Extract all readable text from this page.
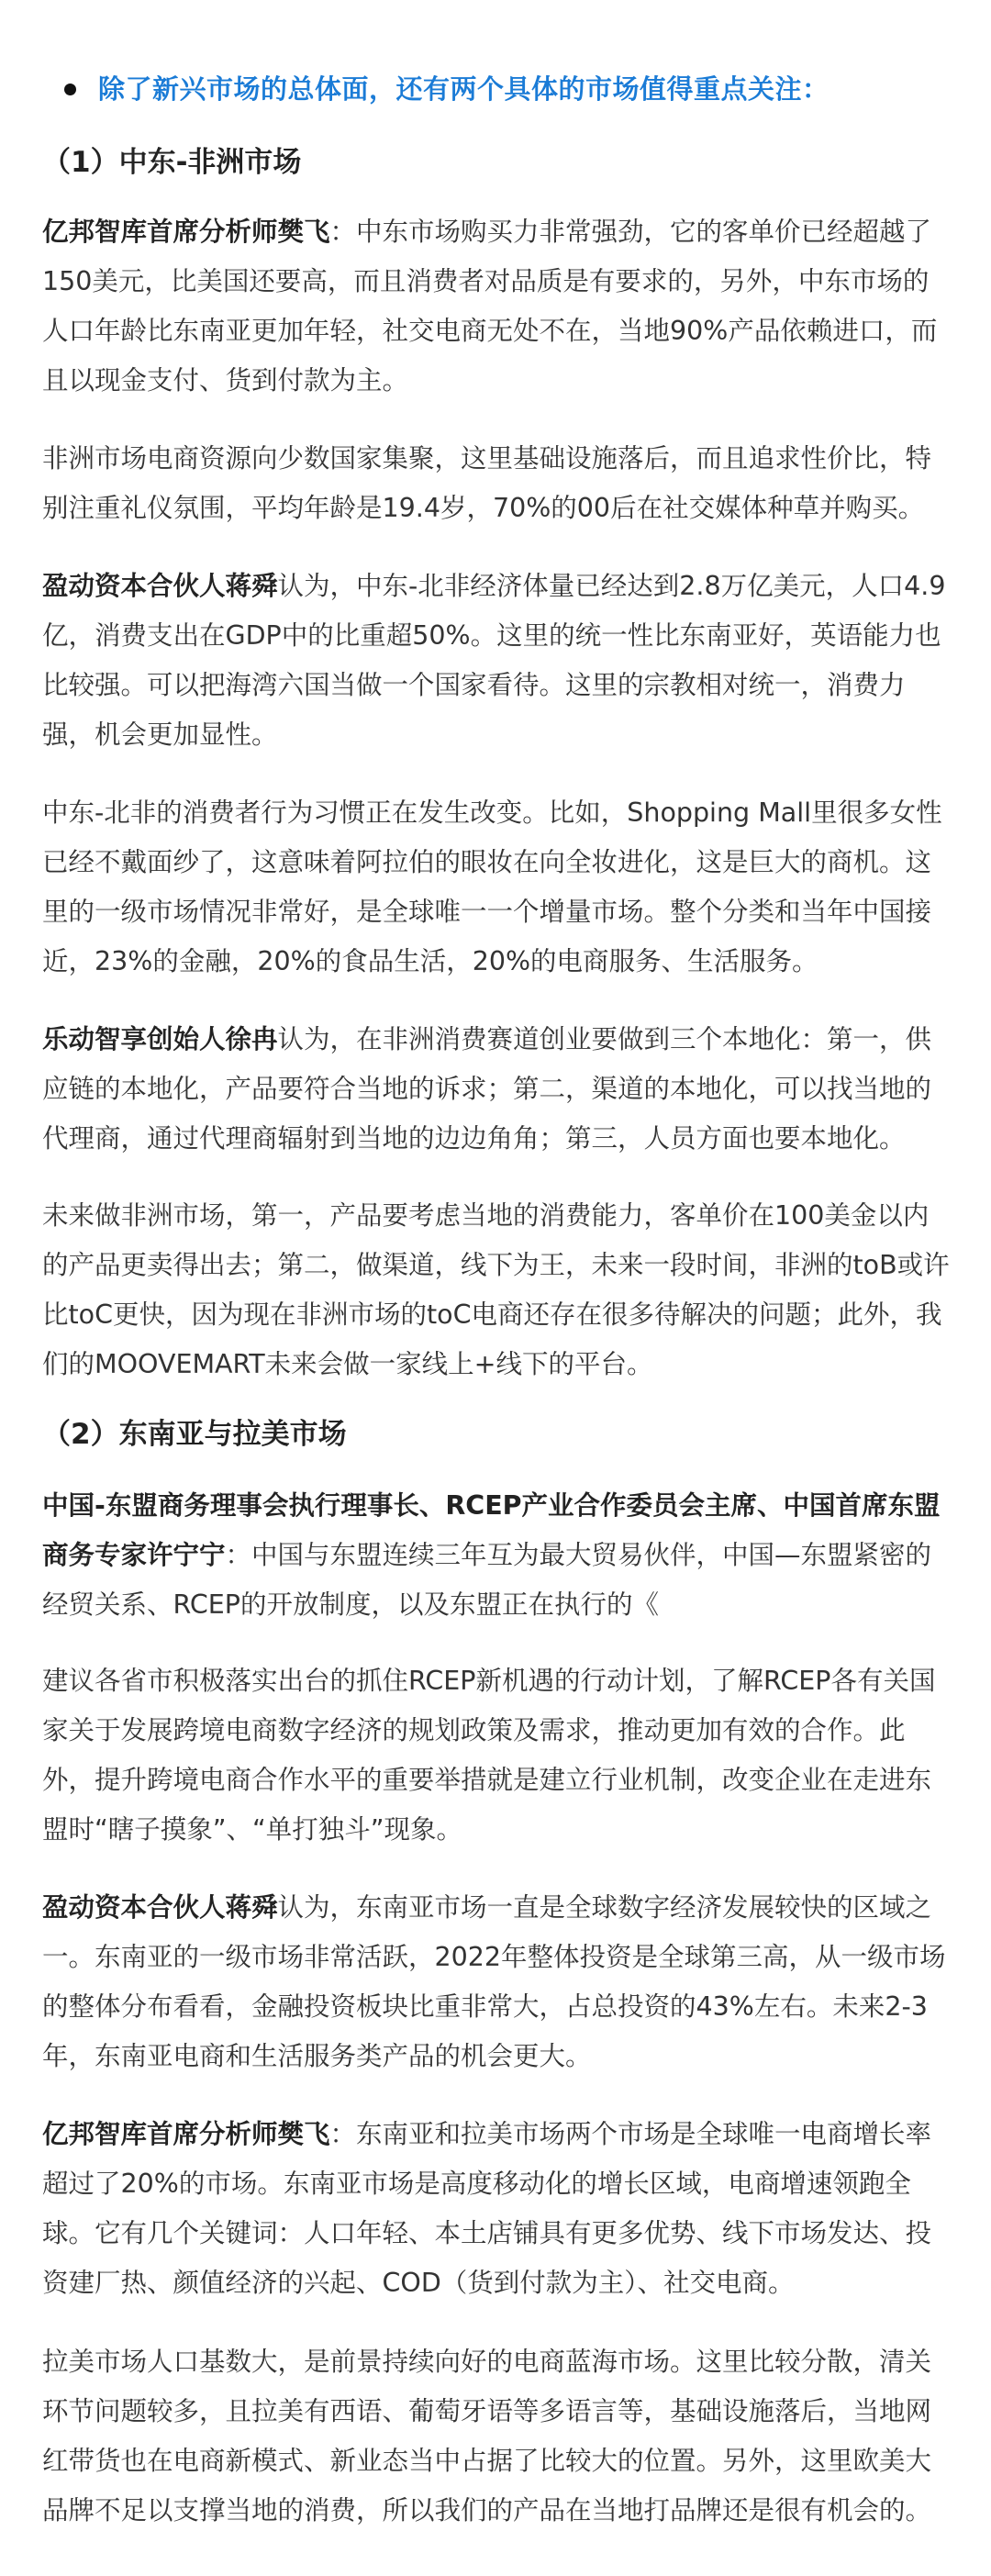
除了新兴市场的总体面，还有两个具体的市场值得重点关注：
（1）中东-非洲市场

亿邦智库首席分析师樊飞：中东市场购买力非常强劲，它的客单价已经超越了150美元，比美国还要高，而且消费者对品质是有要求的，另外，中东市场的人口年龄比东南亚更加年轻，社交电商无处不在，当地90%产品依赖进口，而且以现金支付、货到付款为主。

非洲市场电商资源向少数国家集聚，这里基础设施落后，而且追求性价比，特别注重礼仪氛围，平均年龄是19.4岁，70%的00后在社交媒体种草并购买。

盈动资本合伙人蒋舜认为，中东-北非经济体量已经达到2.8万亿美元，人口4.9亿，消费支出在GDP中的比重超50%。这里的统一性比东南亚好，英语能力也比较强。可以把海湾六国当做一个国家看待。这里的宗教相对统一，消费力强，机会更加显性。

中东-北非的消费者行为习惯正在发生改变。比如，Shopping Mall里很多女性已经不戴面纱了，这意味着阿拉伯的眼妆在向全妆进化，这是巨大的商机。这里的一级市场情况非常好，是全球唯一一个增量市场。整个分类和当年中国接近，23%的金融，20%的食品生活，20%的电商服务、生活服务。

乐动智享创始人徐冉认为，在非洲消费赛道创业要做到三个本地化：第一，供应链的本地化，产品要符合当地的诉求；第二，渠道的本地化，可以找当地的代理商，通过代理商辐射到当地的边边角角；第三，人员方面也要本地化。

未来做非洲市场，第一，产品要考虑当地的消费能力，客单价在100美金以内的产品更卖得出去；第二，做渠道，线下为王，未来一段时间，非洲的toB或许比toC更快，因为现在非洲市场的toC电商还存在很多待解决的问题；此外，我们的MOOVEMART未来会做一家线上+线下的平台。

（2）东南亚与拉美市场

中国-东盟商务理事会执行理事长、RCEP产业合作委员会主席、中国首席东盟商务专家许宁宁：中国与东盟连续三年互为最大贸易伙伴，中国—东盟紧密的经贸关系、RCEP的开放制度，以及东盟正在执行的《

建议各省市积极落实出台的抓住RCEP新机遇的行动计划，了解RCEP各有关国家关于发展跨境电商数字经济的规划政策及需求，推动更加有效的合作。此外，提升跨境电商合作水平的重要举措就是建立行业机制，改变企业在走进东盟时“瞎子摸象”、“单打独斗”现象。

盈动资本合伙人蒋舜认为，东南亚市场一直是全球数字经济发展较快的区域之一。东南亚的一级市场非常活跃，2022年整体投资是全球第三高，从一级市场的整体分布看看，金融投资板块比重非常大，占总投资的43%左右。未来2-3年，东南亚电商和生活服务类产品的机会更大。

亿邦智库首席分析师樊飞：东南亚和拉美市场两个市场是全球唯一电商增长率超过了20%的市场。东南亚市场是高度移动化的增长区域，电商增速领跑全球。它有几个关键词：人口年轻、本土店铺具有更多优势、线下市场发达、投资建厂热、颜值经济的兴起、COD（货到付款为主）、社交电商。

拉美市场人口基数大，是前景持续向好的电商蓝海市场。这里比较分散，清关环节问题较多，且拉美有西语、葡萄牙语等多语言等，基础设施落后，当地网红带货也在电商新模式、新业态当中占据了比较大的位置。另外，这里欧美大品牌不足以支撑当地的消费，所以我们的产品在当地打品牌还是很有机会的。
